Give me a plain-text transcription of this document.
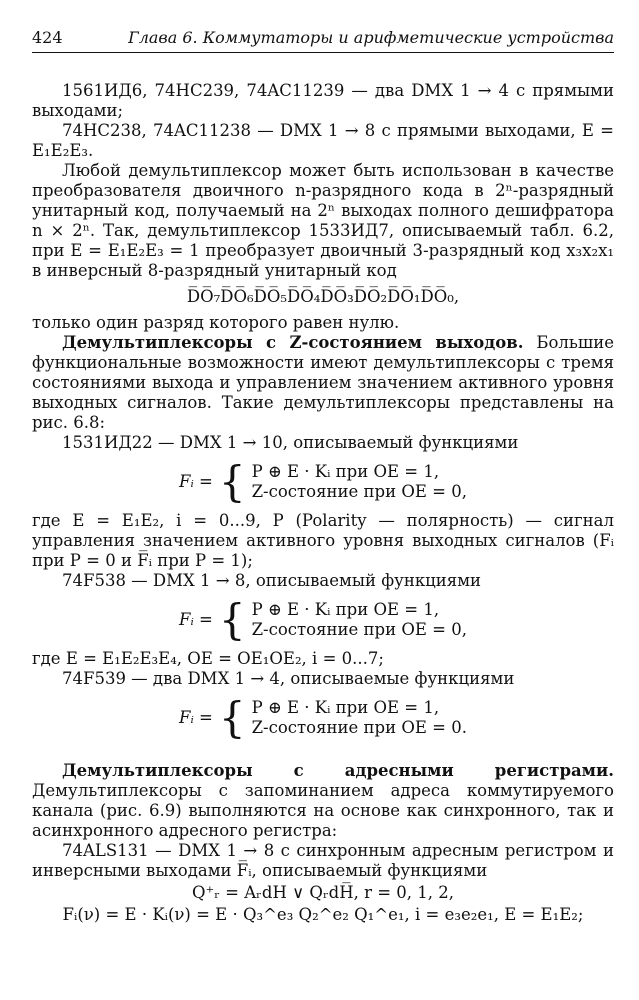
424	Глава 6. Коммутаторы и арифметические устройства

1561ИД6, 74HC239, 74AC11239 — два DMX 1 → 4 с прямыми выходами;

74HC238, 74AC11238 — DMX 1 → 8 с прямыми выходами, E = E₁E₂E₃.

Любой демультиплексор может быть использован в качестве преобразователя двоичного n-разрядного кода в 2ⁿ-разрядный унитарный код, получаемый на 2ⁿ выходах полного дешифратора n × 2ⁿ. Так, демультиплексор 1533ИД7, описываемый табл. 6.2, при E = E₁E₂E₃ = 1 преобразует двоичный 3-разрядный код x₃x₂x₁ в инверсный 8-разрядный унитарный код

D̅O̅₇D̅O̅₆D̅O̅₅D̅O̅₄D̅O̅₃D̅O̅₂D̅O̅₁D̅O̅₀,

только один разряд которого равен нулю.

Демультиплексоры с Z-состоянием выходов. Большие функциональные возможности имеют демультиплексоры с тремя состояниями выхода и управлением значением активного уровня выходных сигналов. Такие демультиплексоры представлены на рис. 6.8:

1531ИД22 — DMX 1 → 10, описываемый функциями

Fᵢ = { P ⊕ E · Kᵢ при OE = 1,
Z-состояние при OE = 0,

где E = E₁E₂, i = 0...9, P (Polarity — полярность) — сигнал управления значением активного уровня выходных сигналов (Fᵢ при P = 0 и F̅ᵢ при P = 1);

74F538 — DMX 1 → 8, описываемый функциями

Fᵢ = { P ⊕ E · Kᵢ при OE = 1,
Z-состояние при OE = 0,

где E = E₁E₂E₃E₄, OE = OE₁OE₂, i = 0...7;

74F539 — два DMX 1 → 4, описываемые функциями

Fᵢ = { P ⊕ E · Kᵢ при OE = 1,
Z-состояние при OE = 0.

Демультиплексоры с адресными регистрами. Демультиплексоры с запоминанием адреса коммутируемого канала (рис. 6.9) выполняются на основе как синхронного, так и асинхронного адресного регистра:

74ALS131 — DMX 1 → 8 с синхронным адресным регистром и инверсными выходами F̅ᵢ, описываемый функциями

Q⁺ᵣ = AᵣdH ∨ QᵣdH̅, r = 0, 1, 2,
Fᵢ(ν) = E · Kᵢ(ν) = E · Q₃^e₃ Q₂^e₂ Q₁^e₁, i = e₃e₂e₁, E = E₁E₂;
